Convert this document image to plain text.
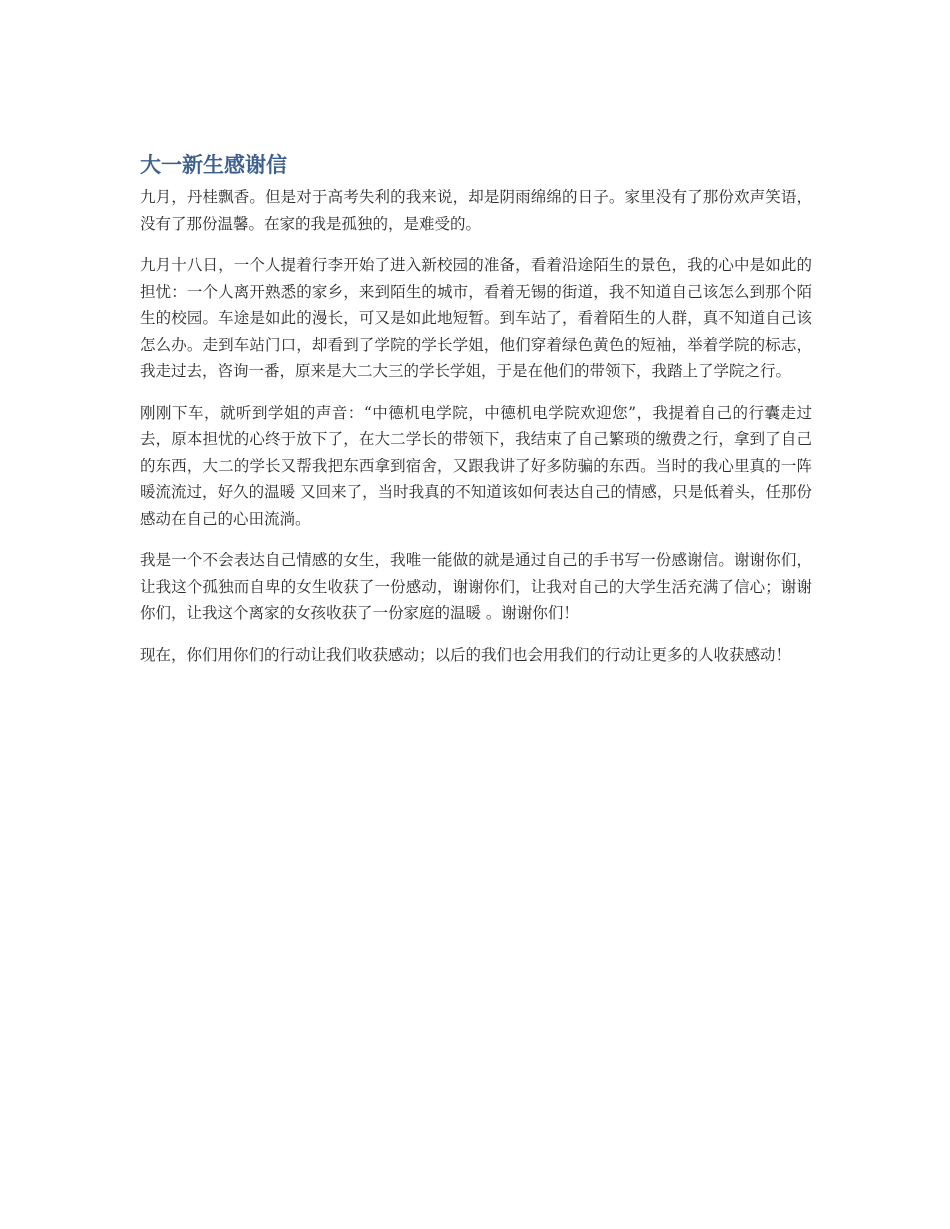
大一新生感谢信

九月，丹桂飘香。但是对于高考失利的我来说，却是阴雨绵绵的日子。家里没有了那份欢声笑语，没有了那份温馨。在家的我是孤独的，是难受的。

九月十八日，一个人提着行李开始了进入新校园的准备，看着沿途陌生的景色，我的心中是如此的担忧：一个人离开熟悉的家乡，来到陌生的城市，看着无锡的街道，我不知道自己该怎么到那个陌生的校园。车途是如此的漫长，可又是如此地短暂。到车站了，看着陌生的人群，真不知道自己该怎么办。走到车站门口，却看到了学院的学长学姐，他们穿着绿色黄色的短袖，举着学院的标志，我走过去，咨询一番，原来是大二大三的学长学姐，于是在他们的带领下，我踏上了学院之行。

刚刚下车，就听到学姐的声音：“中德机电学院，中德机电学院欢迎您”，我提着自己的行囊走过去，原本担忧的心终于放下了，在大二学长的带领下，我结束了自己繁琐的缴费之行，拿到了自己的东西，大二的学长又帮我把东西拿到宿舍，又跟我讲了好多防骗的东西。当时的我心里真的一阵暖流流过，好久的温暖 又回来了，当时我真的不知道该如何表达自己的情感，只是低着头，任那份感动在自己的心田流淌。

我是一个不会表达自己情感的女生，我唯一能做的就是通过自己的手书写一份感谢信。谢谢你们，让我这个孤独而自卑的女生收获了一份感动，谢谢你们，让我对自己的大学生活充满了信心；谢谢你们，让我这个离家的女孩收获了一份家庭的温暖 。谢谢你们！

现在，你们用你们的行动让我们收获感动；以后的我们也会用我们的行动让更多的人收获感动！
